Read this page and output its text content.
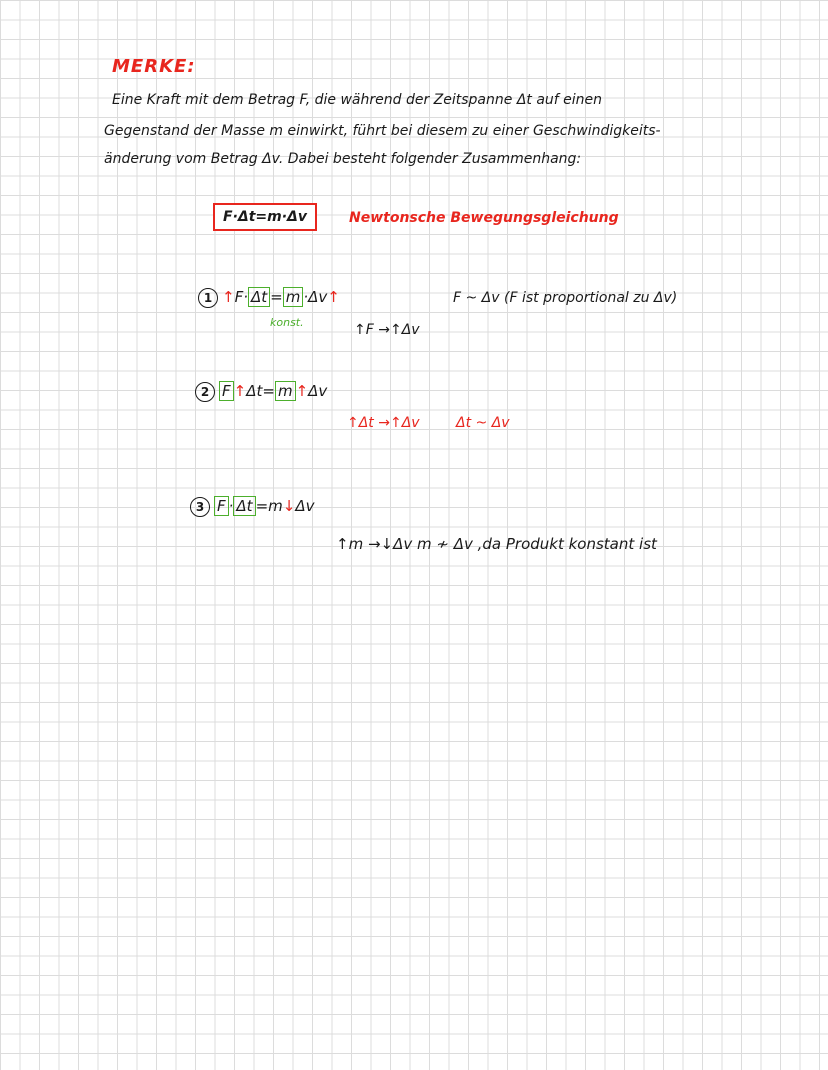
MERKE:
Eine Kraft mit dem Betrag F, die während der Zeitspanne Δt auf einen
Gegenstand der Masse m einwirkt, führt bei diesem zu einer Geschwindigkeits-
änderung vom Betrag Δv. Dabei besteht folgender Zusammenhang:
F·Δt=m·Δv	Newtonsche Bewegungsgleichung
1 ↑F· Δt = m ·Δv↑
konst.	↑F →↑Δv
F ~ Δv (F ist proportional zu Δv)
2 F ↑Δt= m ↑Δv
↑Δt →↑Δv	Δt ~ Δv
3 F · Δt =m↓Δv
↑m →↓Δv m ≁ Δv ,da Produkt konstant ist
